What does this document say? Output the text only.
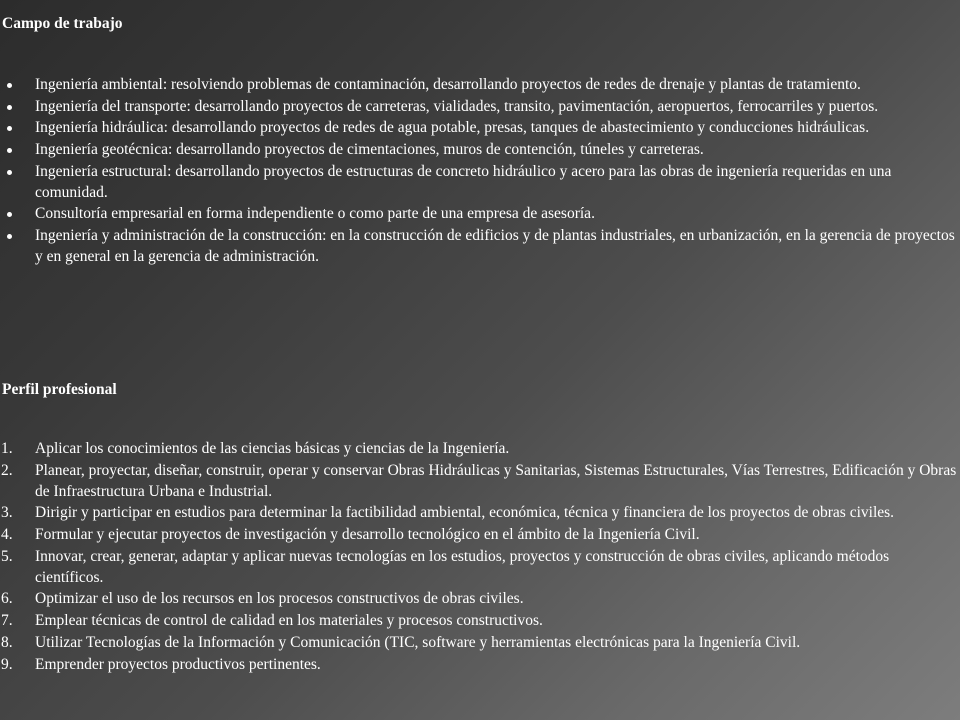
Campo de trabajo
Ingeniería ambiental: resolviendo problemas de contaminación, desarrollando proyectos de redes de drenaje y plantas de tratamiento.
Ingeniería del transporte: desarrollando proyectos de carreteras, vialidades, transito, pavimentación, aeropuertos, ferrocarriles y puertos.
Ingeniería hidráulica: desarrollando proyectos de redes de agua potable, presas, tanques de abastecimiento y conducciones hidráulicas.
Ingeniería geotécnica: desarrollando proyectos de cimentaciones, muros de contención, túneles y carreteras.
Ingeniería estructural: desarrollando proyectos de estructuras de concreto hidráulico y acero para las obras de ingeniería requeridas en una comunidad.
Consultoría empresarial en forma independiente o como parte de una empresa de asesoría.
Ingeniería y administración de la construcción: en la construcción de edificios y de plantas industriales, en urbanización, en la gerencia de proyectos y en general en la gerencia de administración.
Perfil profesional
1. Aplicar los conocimientos de las ciencias básicas y ciencias de la Ingeniería.
2. Planear, proyectar, diseñar, construir, operar y conservar Obras Hidráulicas y Sanitarias, Sistemas Estructurales, Vías Terrestres, Edificación y Obras de Infraestructura Urbana e Industrial.
3. Dirigir y participar en estudios para determinar la factibilidad ambiental, económica, técnica y financiera de los proyectos de obras civiles.
4. Formular y ejecutar proyectos de investigación y desarrollo tecnológico en el ámbito de la Ingeniería Civil.
5. Innovar, crear, generar, adaptar y aplicar nuevas tecnologías en los estudios, proyectos y construcción de obras civiles, aplicando métodos científicos.
6. Optimizar el uso de los recursos en los procesos constructivos de obras civiles.
7. Emplear técnicas de control de calidad en los materiales y procesos constructivos.
8. Utilizar Tecnologías de la Información y Comunicación (TIC, software y herramientas electrónicas para la Ingeniería Civil.
9. Emprender proyectos productivos pertinentes.
